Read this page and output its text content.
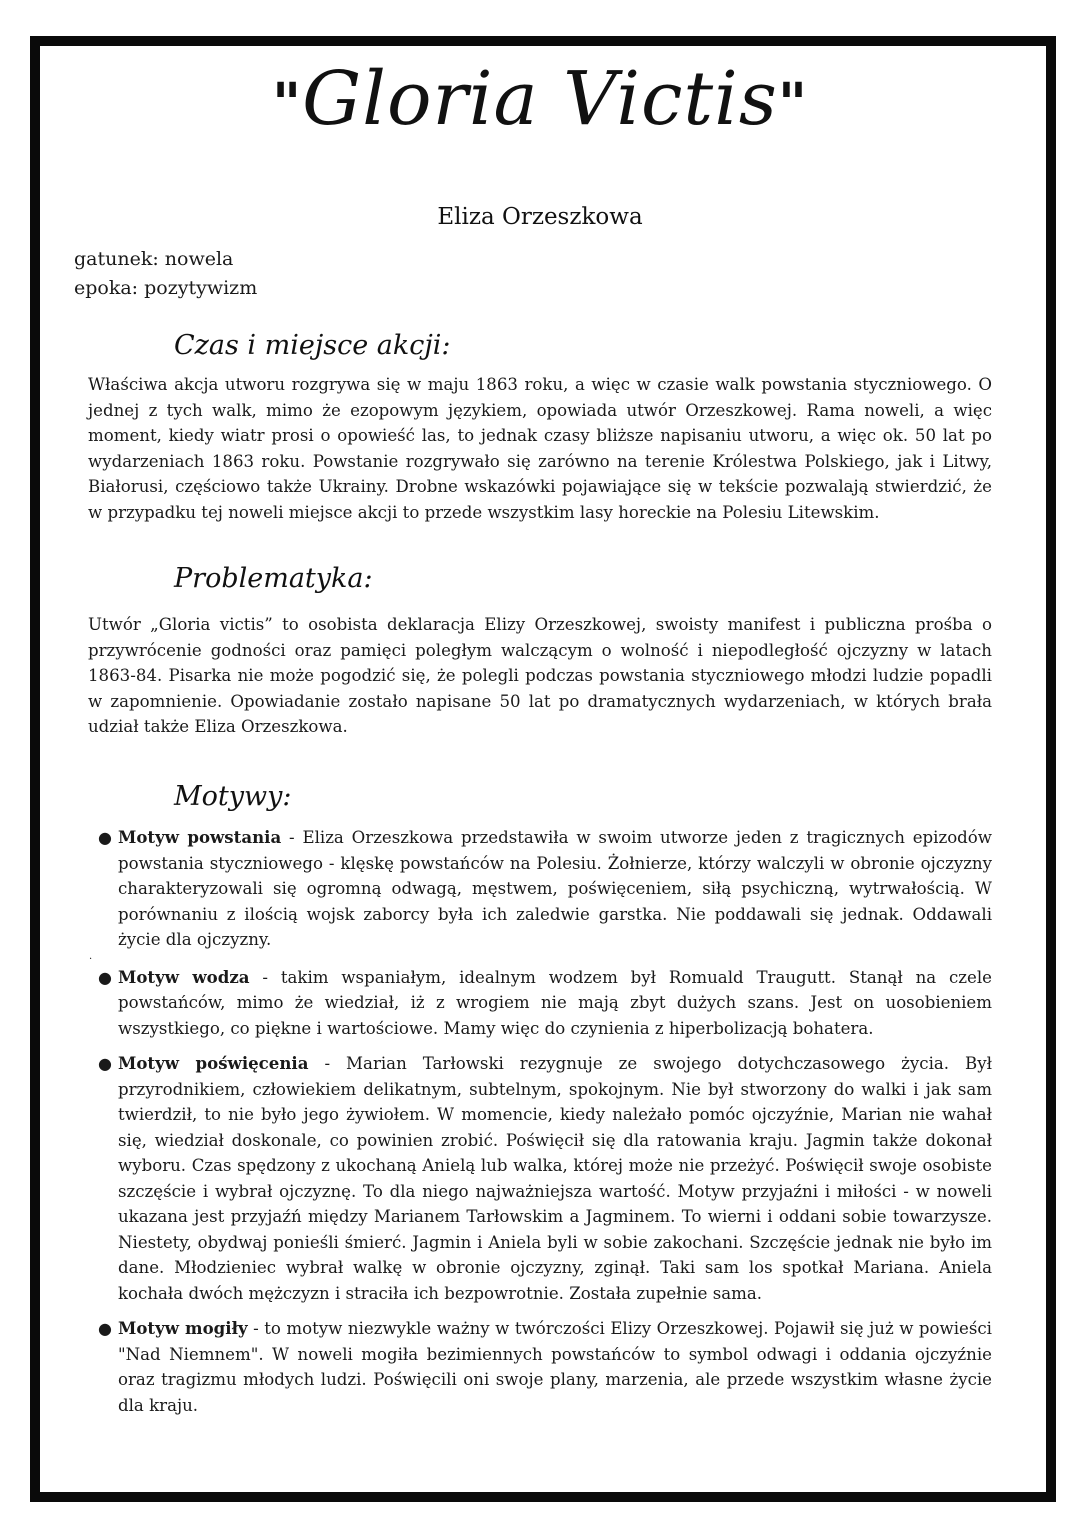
"Gloria Victis"
Eliza Orzeszkowa
gatunek: nowela
epoka: pozytywizm
Czas i miejsce akcji:

Właściwa akcja utworu rozgrywa się w maju 1863 roku, a więc w czasie walk powstania styczniowego. O jednej z tych walk, mimo że ezopowym językiem, opowiada utwór Orzeszkowej. Rama noweli, a więc moment, kiedy wiatr prosi o opowieść las, to jednak czasy bliższe napisaniu utworu, a więc ok. 50 lat po wydarzeniach 1863 roku. Powstanie rozgrywało się zarówno na terenie Królestwa Polskiego, jak i Litwy, Białorusi, częściowo także Ukrainy. Drobne wskazówki pojawiające się w tekście pozwalają stwierdzić, że w przypadku tej noweli miejsce akcji to przede wszystkim lasy horeckie na Polesiu Litewskim.

Problematyka:

Utwór „Gloria victis” to osobista deklaracja Elizy Orzeszkowej, swoisty manifest i publiczna prośba o przywrócenie godności oraz pamięci poległym walczącym o wolność i niepodległość ojczyzny w latach 1863-84. Pisarka nie może pogodzić się, że polegli podczas powstania styczniowego młodzi ludzie popadli w zapomnienie. Opowiadanie zostało napisane 50 lat po dramatycznych wydarzeniach, w których brała udział także Eliza Orzeszkowa.

Motywy:
● Motyw powstania - Eliza Orzeszkowa przedstawiła w swoim utworze jeden z tragicznych epizodów powstania styczniowego - klęskę powstańców na Polesiu. Żołnierze, którzy walczyli w obronie ojczyzny charakteryzowali się ogromną odwagą, męstwem, poświęceniem, siłą psychiczną, wytrwałością. W porównaniu z ilością wojsk zaborcy była ich zaledwie garstka. Nie poddawali się jednak. Oddawali życie dla ojczyzny.
● Motyw wodza - takim wspaniałym, idealnym wodzem był Romuald Traugutt. Stanął na czele powstańców, mimo że wiedział, iż z wrogiem nie mają zbyt dużych szans. Jest on uosobieniem wszystkiego, co piękne i wartościowe. Mamy więc do czynienia z hiperbolizacją bohatera.
● Motyw poświęcenia - Marian Tarłowski rezygnuje ze swojego dotychczasowego życia. Był przyrodnikiem, człowiekiem delikatnym, subtelnym, spokojnym. Nie był stworzony do walki i jak sam twierdził, to nie było jego żywiołem. W momencie, kiedy należało pomóc ojczyźnie, Marian nie wahał się, wiedział doskonale, co powinien zrobić. Poświęcił się dla ratowania kraju. Jagmin także dokonał wyboru. Czas spędzony z ukochaną Anielą lub walka, której może nie przeżyć. Poświęcił swoje osobiste szczęście i wybrał ojczyznę. To dla niego najważniejsza wartość. Motyw przyjaźni i miłości - w noweli ukazana jest przyjaźń między Marianem Tarłowskim a Jagminem. To wierni i oddani sobie towarzysze. Niestety, obydwaj ponieśli śmierć. Jagmin i Aniela byli w sobie zakochani. Szczęście jednak nie było im dane. Młodzieniec wybrał walkę w obronie ojczyzny, zginął. Taki sam los spotkał Mariana. Aniela kochała dwóch mężczyzn i straciła ich bezpowrotnie. Została zupełnie sama.
● Motyw mogiły - to motyw niezwykle ważny w twórczości Elizy Orzeszkowej. Pojawił się już w powieści "Nad Niemnem". W noweli mogiła bezimiennych powstańców to symbol odwagi i oddania ojczyźnie oraz tragizmu młodych ludzi. Poświęcili oni swoje plany, marzenia, ale przede wszystkim własne życie dla kraju.
.
